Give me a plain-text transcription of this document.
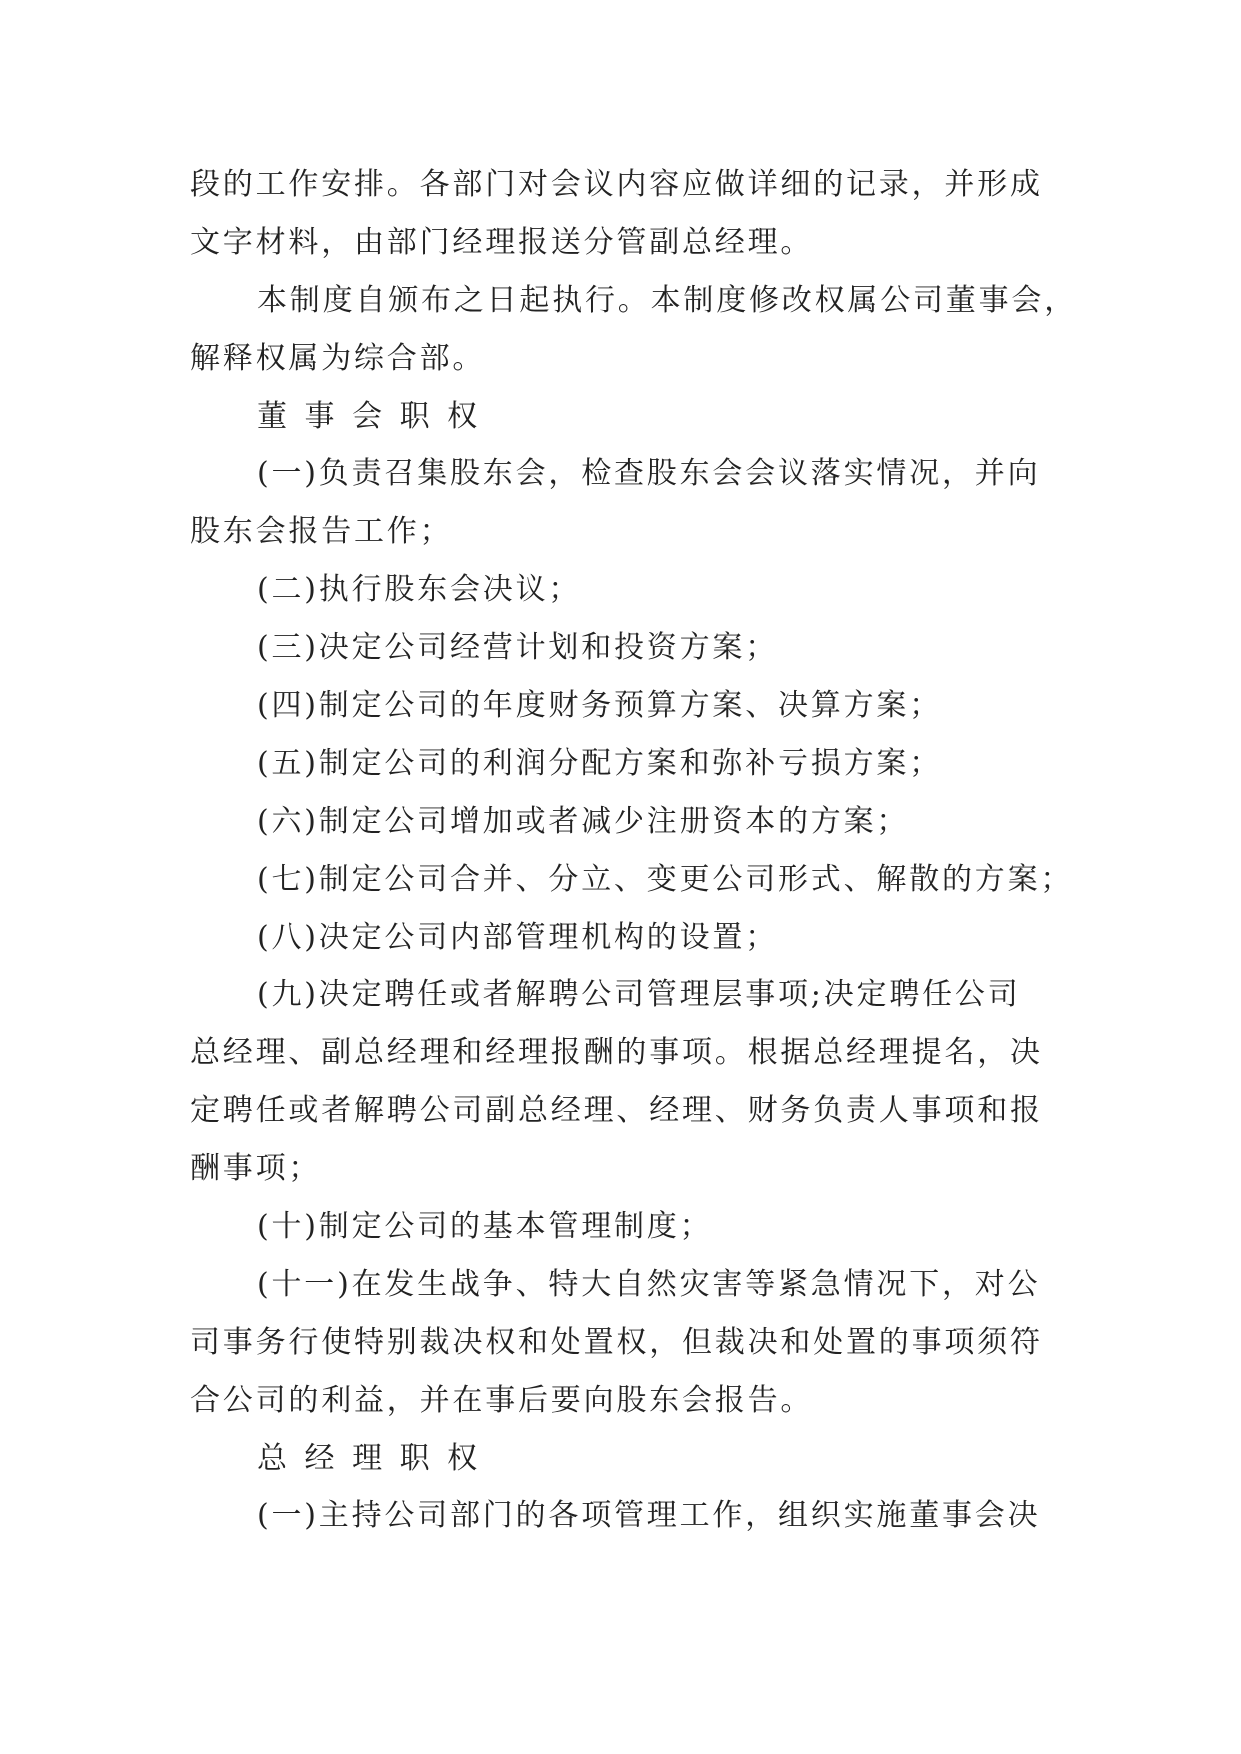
段的工作安排。各部门对会议内容应做详细的记录，并形成
文字材料，由部门经理报送分管副总经理。
本制度自颁布之日起执行。本制度修改权属公司董事会，
解释权属为综合部。
董 事 会 职 权
(一)负责召集股东会，检查股东会会议落实情况，并向
股东会报告工作；
(二)执行股东会决议；
(三)决定公司经营计划和投资方案；
(四)制定公司的年度财务预算方案、决算方案；
(五)制定公司的利润分配方案和弥补亏损方案；
(六)制定公司增加或者减少注册资本的方案；
(七)制定公司合并、分立、变更公司形式、解散的方案；
(八)决定公司内部管理机构的设置；
(九)决定聘任或者解聘公司管理层事项;决定聘任公司
总经理、副总经理和经理报酬的事项。根据总经理提名，决
定聘任或者解聘公司副总经理、经理、财务负责人事项和报
酬事项；
(十)制定公司的基本管理制度；
(十一)在发生战争、特大自然灾害等紧急情况下，对公
司事务行使特别裁决权和处置权，但裁决和处置的事项须符
合公司的利益，并在事后要向股东会报告。
总 经 理 职 权
(一)主持公司部门的各项管理工作，组织实施董事会决
